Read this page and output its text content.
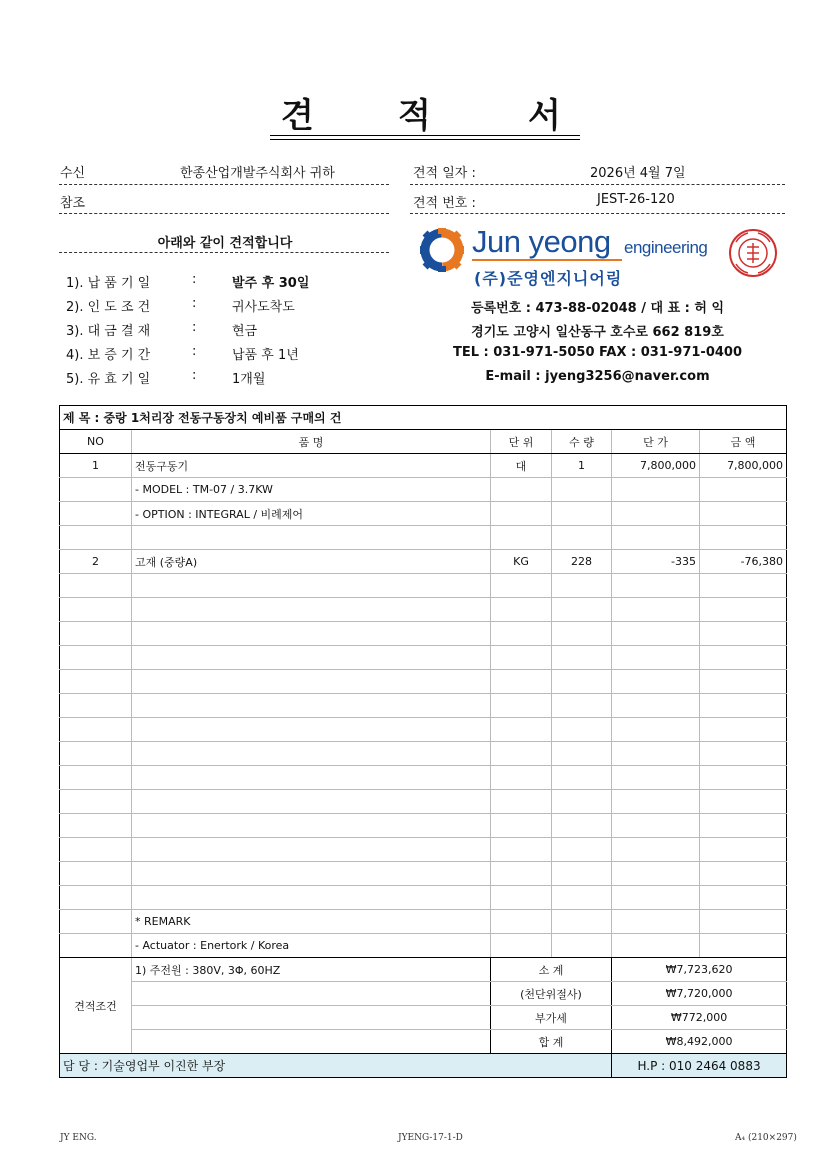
견 적	서
수신	한종산업개발주식회사 귀하
참조
아래와 같이 견적합니다
견적 일자 :	2026년 4월 7일
견적 번호 :	JEST-26-120
1). 납 품 기 일	:	발주 후 30일
2). 인 도 조 건	:	귀사도착도
3). 대 금 결 재	:	현금
4). 보 증 기 간	:	납품 후 1년
5). 유 효 기 일	:	1개월
Jun yeong engineering
(주)준영엔지니어링
등록번호 : 473-88-02048 / 대 표 : 허 익
경기도 고양시 일산동구 호수로 662 819호
TEL : 031-971-5050 FAX : 031-971-0400
E-mail : jyeng3256@naver.com
제 목 : 중랑 1처리장 전동구동장치 예비품 구매의 건					
NO	품 명	단 위	수 량	단 가	금 액
1	전동구동기	대	1	7,800,000	7,800,000
	- MODEL : TM-07 / 3.7KW				
	- OPTION : INTEGRAL / 비례제어				

2	고재 (중량A)	KG	228	-335	-76,380

	* REMARK				
	- Actuator : Enertork / Korea				
견적조건	1) 주전원 : 380V, 3Φ, 60HZ	소 계		₩7,723,620	
		(천단위절사)		₩7,720,000	
		부가세		₩772,000	
		합 계		₩8,492,000	
담 당 : 기술영업부 이진한 부장				H.P : 010 2464 0883	
JY ENG.	JYENG-17-1-D	A₄ (210×297)
